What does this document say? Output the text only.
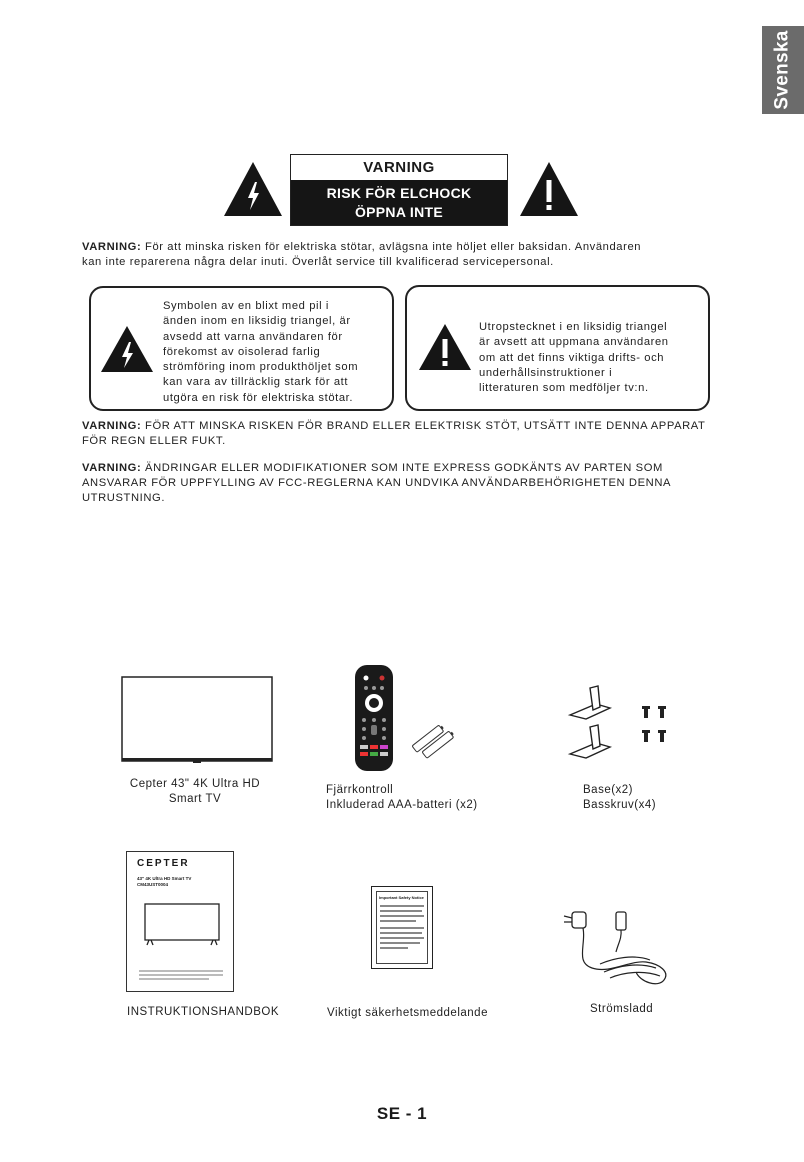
Svenska
VARNING
RISK FÖR ELCHOCK
ÖPPNA INTE
VARNING: För att minska risken för elektriska stötar, avlägsna inte höljet eller baksidan. Användaren
kan inte reparerena några delar inuti. Överlåt service till kvalificerad servicepersonal.
Symbolen av en blixt med pil i
änden inom en liksidig triangel, är
avsedd att varna användaren för
förekomst av oisolerad farlig
strömföring inom produkthöljet som
kan vara av tillräcklig stark för att
utgöra en risk för elektriska stötar.
Utropstecknet i en liksidig triangel
är avsett att uppmana användaren
om att det finns viktiga drifts- och
underhållsinstruktioner i
litteraturen som medföljer tv:n.
VARNING: FÖR ATT MINSKA RISKEN FÖR BRAND ELLER ELEKTRISK STÖT, UTSÄTT INTE DENNA APPARAT
FÖR REGN ELLER FUKT.
VARNING: ÄNDRINGAR ELLER MODIFIKATIONER SOM INTE EXPRESS GODKÄNTS AV PARTEN SOM
ANSVARAR FÖR UPPFYLLING AV FCC-REGLERNA KAN UNDVIKA ANVÄNDARBEHÖRIGHETEN DENNA
UTRUSTNING.
Cepter 43" 4K Ultra HD
Smart TV
Fjärrkontroll
Inkluderad AAA-batteri (x2)
Base(x2)
Basskruv(x4)
CEPTER
43" 4K Ultra HD Smart TV
CM43UST0004
INSTRUKTIONSHANDBOK
Important Safety Notice
Viktigt säkerhetsmeddelande	Strömsladd
SE - 1
